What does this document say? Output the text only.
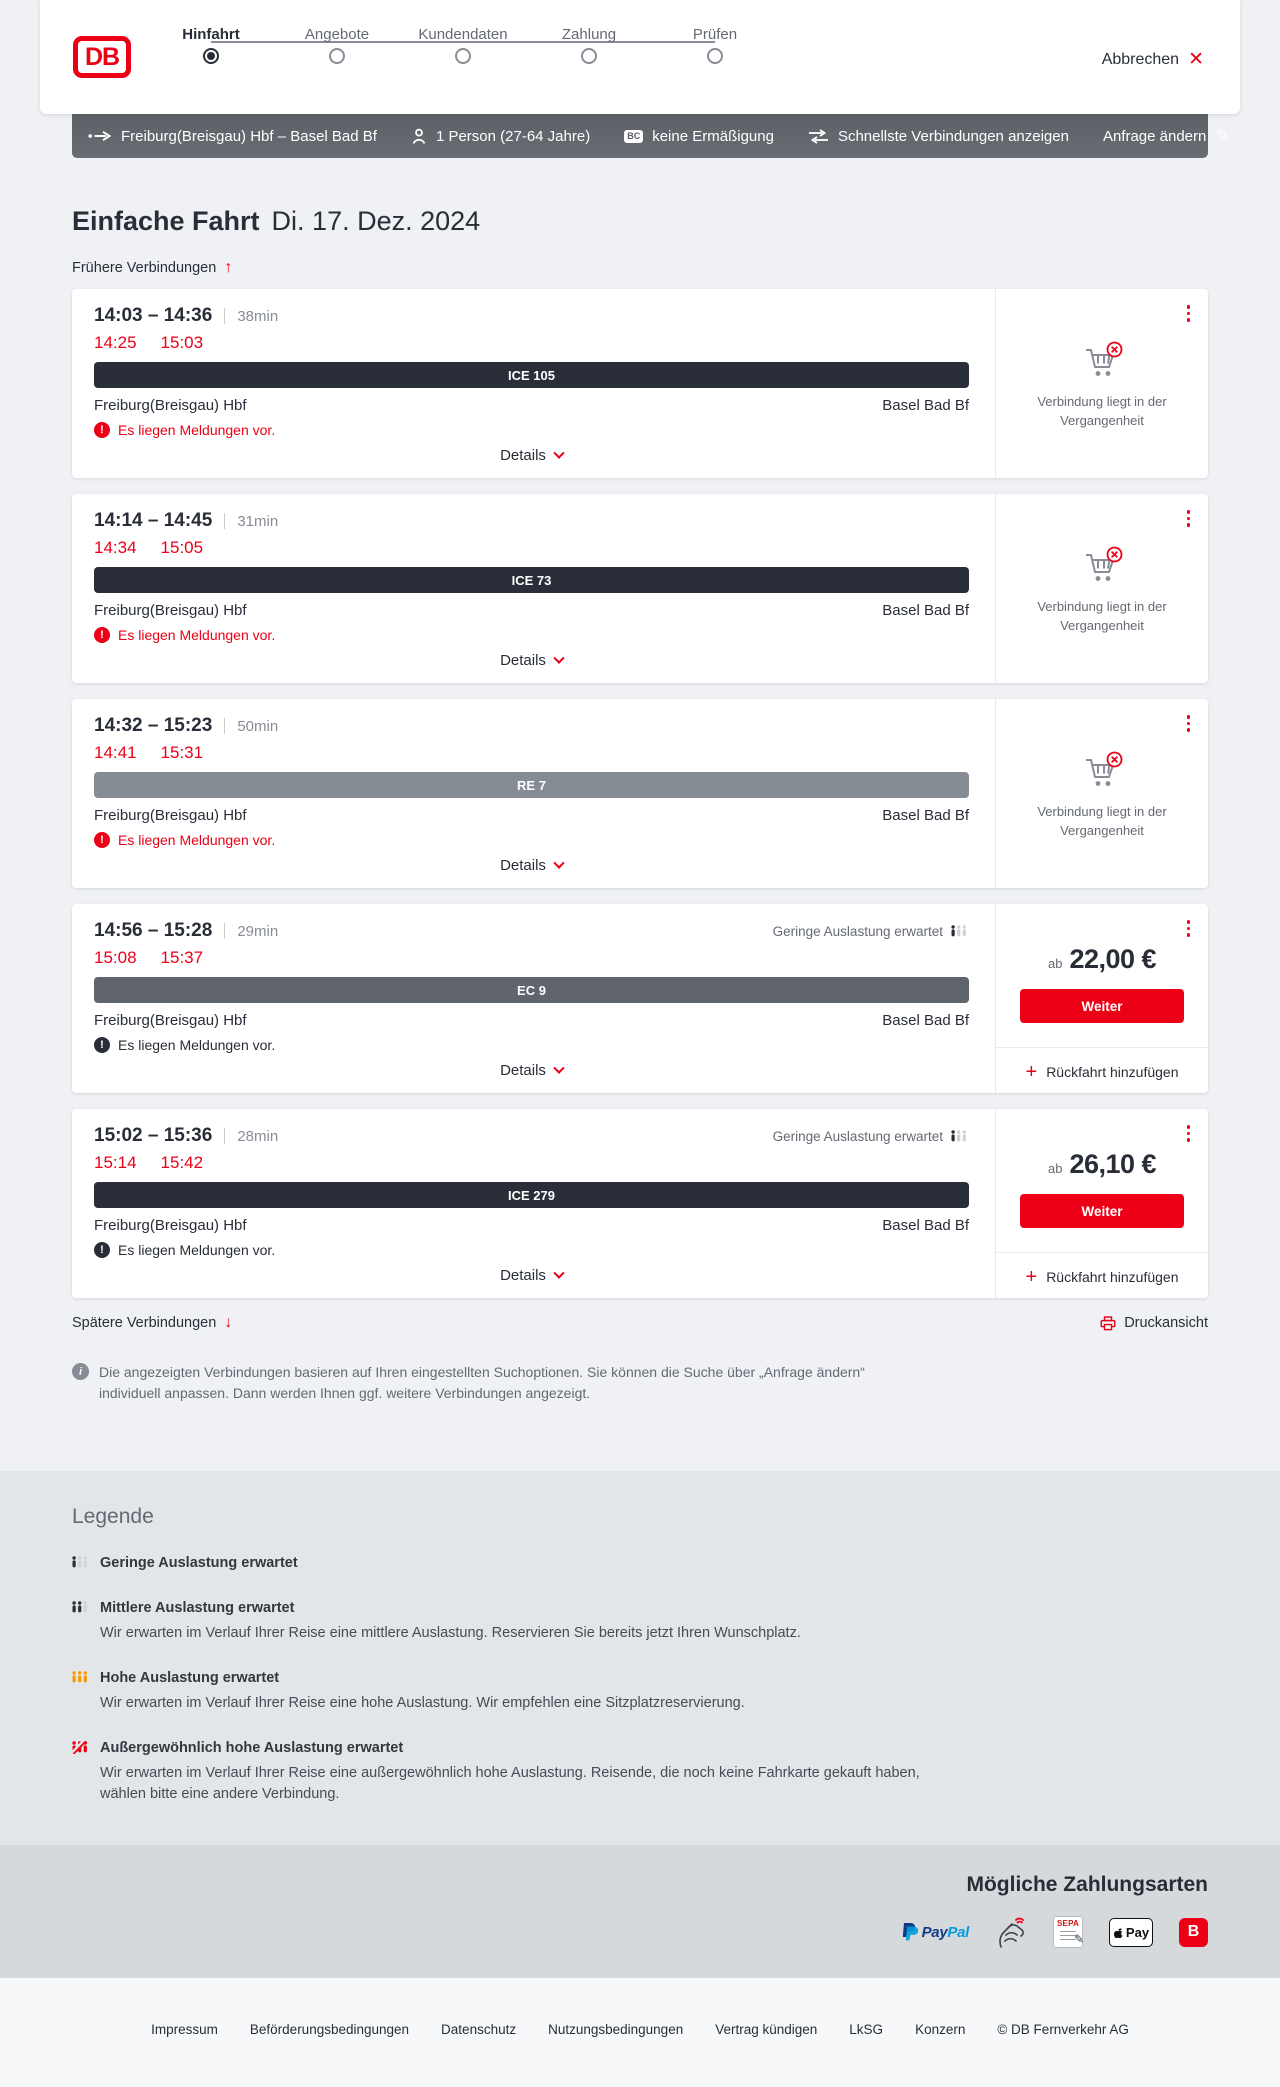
DB
Hinfahrt	Angebote	Kundendaten	Zahlung	Prüfen
Abbrechen ✕
Freiburg(Breisgau) Hbf – Basel Bad Bf	1 Person (27-64 Jahre)	BC keine Ermäßigung	Schnellste Verbindungen anzeigen Anfrage ändern ✎
Einfache Fahrt Di. 17. Dez. 2024
Frühere Verbindungen ↑
14:03 – 14:36 38min
14:25 15:03
ICE 105
Freiburg(Breisgau) Hbf	Basel Bad Bf
!	Es liegen Meldungen vor.
Details

Verbindung liegt in der Vergangenheit

14:14 – 14:45 31min
14:34 15:05
ICE 73
Freiburg(Breisgau) Hbf	Basel Bad Bf
!	Es liegen Meldungen vor.
Details

Verbindung liegt in der Vergangenheit

14:32 – 15:23 50min
14:41 15:31
RE 7
Freiburg(Breisgau) Hbf	Basel Bad Bf
!	Es liegen Meldungen vor.
Details

Verbindung liegt in der Vergangenheit

14:56 – 15:28 29min	Geringe Auslastung erwartet
15:08 15:37
EC 9
Freiburg(Breisgau) Hbf	Basel Bad Bf
!	Es liegen Meldungen vor.
Details
ab 22,00 €
Weiter
+ Rückfahrt hinzufügen
15:02 – 15:36 28min	Geringe Auslastung erwartet
15:14 15:42
ICE 279
Freiburg(Breisgau) Hbf	Basel Bad Bf
!	Es liegen Meldungen vor.
Details
ab 26,10 €
Weiter
+ Rückfahrt hinzufügen
Spätere Verbindungen ↓	Druckansicht
i	Die angezeigten Verbindungen basieren auf Ihren eingestellten Suchoptionen. Sie können die Suche über „Anfrage ändern“ individuell anpassen. Dann werden Ihnen ggf. weitere Verbindungen angezeigt.

Legende
Geringe Auslastung erwartet
Mittlere Auslastung erwartet
Wir erwarten im Verlauf Ihrer Reise eine mittlere Auslastung. Reservieren Sie bereits jetzt Ihren Wunschplatz.
Hohe Auslastung erwartet
Wir erwarten im Verlauf Ihrer Reise eine hohe Auslastung. Wir empfehlen eine Sitzplatzreservierung.
Außergewöhnlich hohe Auslastung erwartet
Wir erwarten im Verlauf Ihrer Reise eine außergewöhnlich hohe Auslastung. Reisende, die noch keine Fahrkarte gekauft haben, wählen bitte eine andere Verbindung.
Mögliche Zahlungsarten
PayPal	SEPA
✎	Pay B
Impressum Beförderungsbedingungen Datenschutz Nutzungsbedingungen Vertrag kündigen LkSG Konzern © DB Fernverkehr AG
